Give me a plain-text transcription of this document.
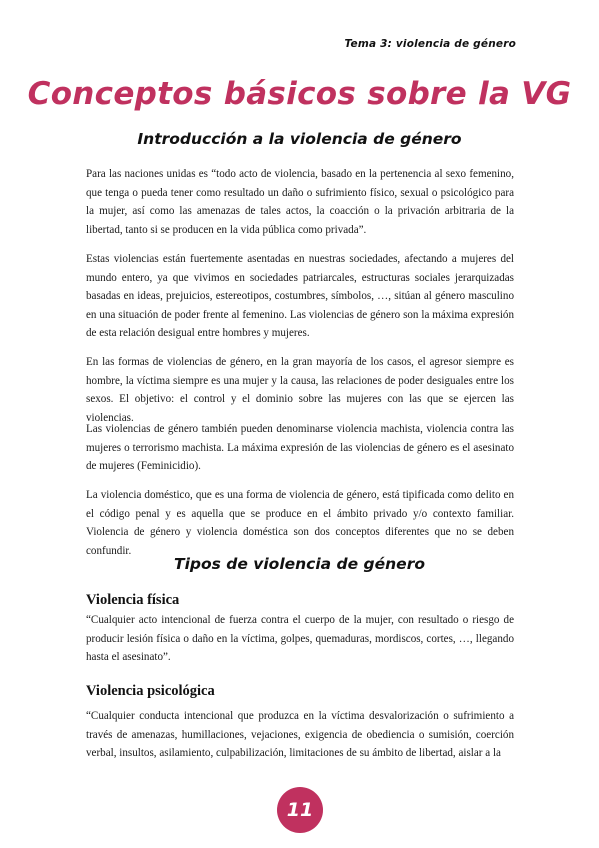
Tema 3: violencia de género
Conceptos básicos sobre la VG
Introducción a la violencia de género

Para las naciones unidas es “todo acto de violencia, basado en la pertenencia al sexo femenino, que tenga o pueda tener como resultado un daño o sufrimiento físico, sexual o psicológico para la mujer, así como las amenazas de tales actos, la coacción o la privación arbitraria de la libertad, tanto si se producen en la vida pública como privada”.

Estas violencias están fuertemente asentadas en nuestras sociedades, afectando a mujeres del mundo entero, ya que vivimos en sociedades patriarcales, estructuras sociales jerarquizadas basadas en ideas, prejuicios, estereotipos, costumbres, símbolos, …, sitúan al género masculino en una situación de poder frente al femenino. Las violencias de género son la máxima expresión de esta relación desigual entre hombres y mujeres.

En las formas de violencias de género, en la gran mayoría de los casos, el agresor siempre es hombre, la víctima siempre es una mujer y la causa, las relaciones de poder desiguales entre los sexos. El objetivo: el control y el dominio sobre las mujeres con las que se ejercen las violencias.

Las violencias de género también pueden denominarse violencia machista, violencia contra las mujeres o terrorismo machista. La máxima expresión de las violencias de género es el asesinato de mujeres (Feminicidio).

La violencia doméstico, que es una forma de violencia de género, está tipificada como delito en el código penal y es aquella que se produce en el ámbito privado y/o contexto familiar. Violencia de género y violencia doméstica son dos conceptos diferentes que no se deben confundir.

Tipos de violencia de género
Violencia física

“Cualquier acto intencional de fuerza contra el cuerpo de la mujer, con resultado o riesgo de producir lesión física o daño en la víctima, golpes, quemaduras, mordiscos, cortes, …, llegando hasta el asesinato”.

Violencia psicológica

“Cualquier conducta intencional que produzca en la víctima desvalorización o sufrimiento a través de amenazas, humillaciones, vejaciones, exigencia de obediencia o sumisión, coerción verbal, insultos, asilamiento, culpabilización, limitaciones de su ámbito de libertad, aislar a la

11
